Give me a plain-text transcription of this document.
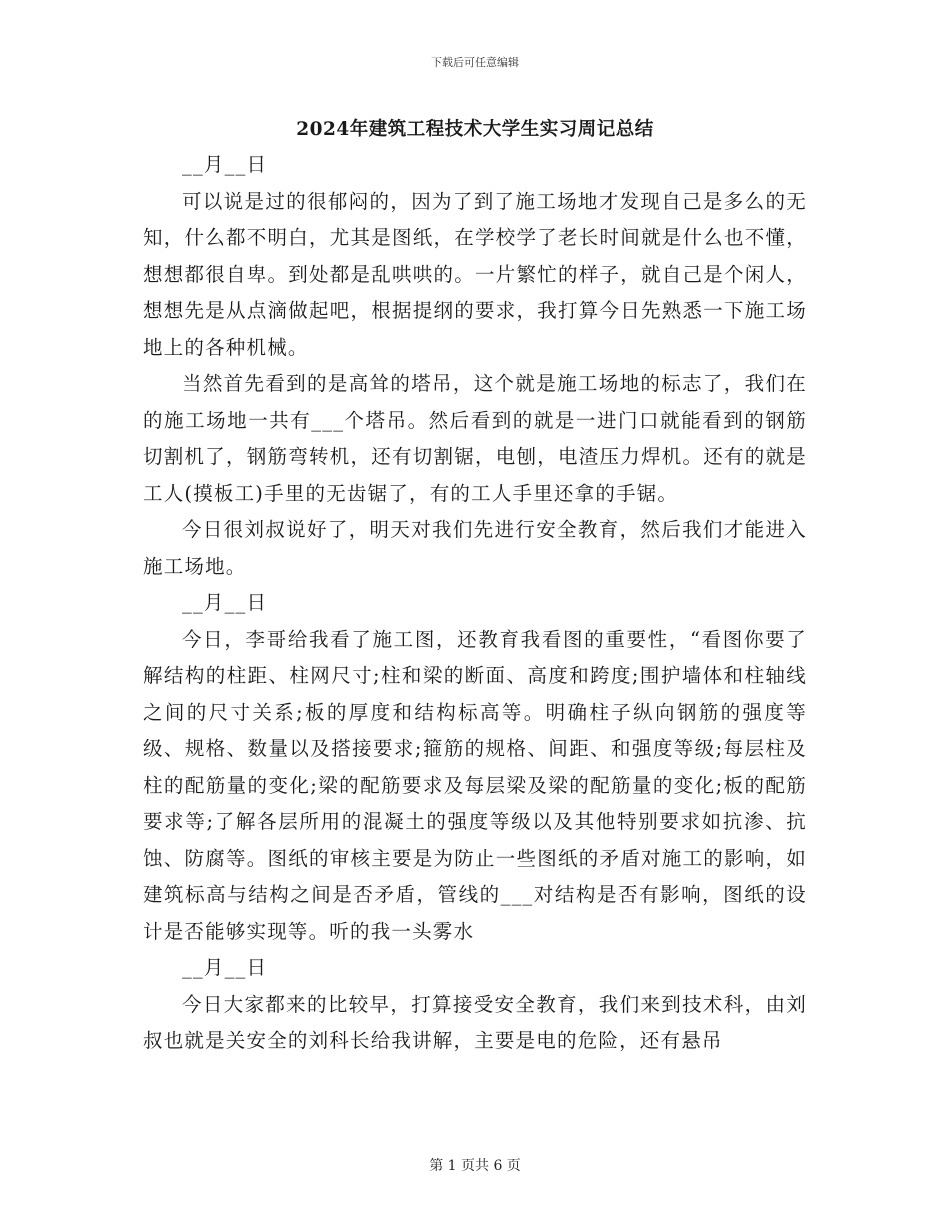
下载后可任意编辑
2024年建筑工程技术大学生实习周记总结

__月__日

可以说是过的很郁闷的，因为了到了施工场地才发现自己是多么的无知，什么都不明白，尤其是图纸，在学校学了老长时间就是什么也不懂，想想都很自卑。到处都是乱哄哄的。一片繁忙的样子，就自己是个闲人，想想先是从点滴做起吧，根据提纲的要求，我打算今日先熟悉一下施工场地上的各种机械。

当然首先看到的是高耸的塔吊，这个就是施工场地的标志了，我们在的施工场地一共有___个塔吊。然后看到的就是一进门口就能看到的钢筋切割机了，钢筋弯转机，还有切割锯，电刨，电渣压力焊机。还有的就是工人(摸板工)手里的无齿锯了，有的工人手里还拿的手锯。

今日很刘叔说好了，明天对我们先进行安全教育，然后我们才能进入施工场地。

__月__日

今日，李哥给我看了施工图，还教育我看图的重要性，“看图你要了解结构的柱距、柱网尺寸;柱和梁的断面、高度和跨度;围护墙体和柱轴线之间的尺寸关系;板的厚度和结构标高等。明确柱子纵向钢筋的强度等级、规格、数量以及搭接要求;箍筋的规格、间距、和强度等级;每层柱及柱的配筋量的变化;梁的配筋要求及每层梁及梁的配筋量的变化;板的配筋要求等;了解各层所用的混凝土的强度等级以及其他特别要求如抗渗、抗蚀、防腐等。图纸的审核主要是为防止一些图纸的矛盾对施工的影响，如建筑标高与结构之间是否矛盾，管线的___对结构是否有影响，图纸的设计是否能够实现等。听的我一头雾水

__月__日

今日大家都来的比较早，打算接受安全教育，我们来到技术科，由刘叔也就是关安全的刘科长给我讲解，主要是电的危险，还有悬吊

第 1 页共 6 页
